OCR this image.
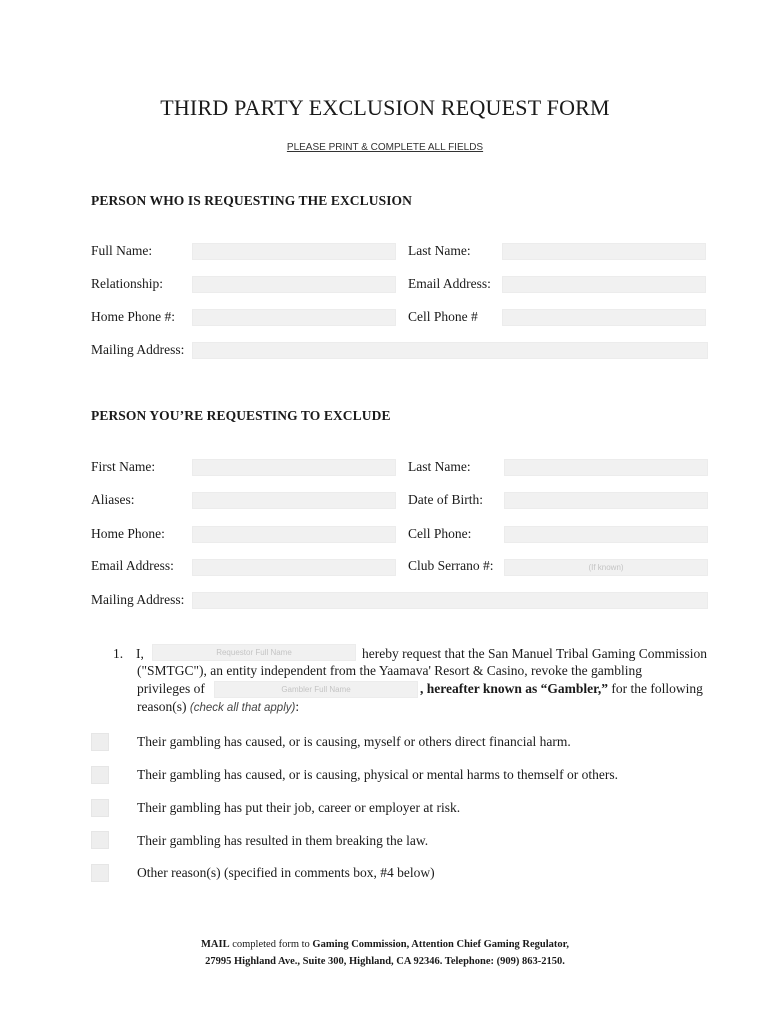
THIRD PARTY EXCLUSION REQUEST FORM
PLEASE PRINT & COMPLETE ALL FIELDS
PERSON WHO IS REQUESTING THE EXCLUSION
Full Name:	Last Name:
Relationship:	Email Address:
Home Phone #:	Cell Phone #
Mailing Address:
PERSON YOU’RE REQUESTING TO EXCLUDE
First Name:	Last Name:
Aliases:	Date of Birth:
Home Phone:	Cell Phone:
Email Address:	Club Serrano #:
(If known)
Mailing Address:
1. I,
Requestor Full Name	hereby request that the San Manuel Tribal Gaming Commission
("SMTGC"), an entity independent from the Yaamava' Resort & Casino, revoke the gambling
privileges of
Gambler Full Name	, hereafter known as “Gambler,” for the following
reason(s) (check all that apply):
Their gambling has caused, or is causing, myself or others direct financial harm.
Their gambling has caused, or is causing, physical or mental harms to themself or others.
Their gambling has put their job, career or employer at risk.
Their gambling has resulted in them breaking the law.
Other reason(s) (specified in comments box, #4 below)
MAIL completed form to Gaming Commission, Attention Chief Gaming Regulator,
27995 Highland Ave., Suite 300, Highland, CA 92346. Telephone: (909) 863-2150.
